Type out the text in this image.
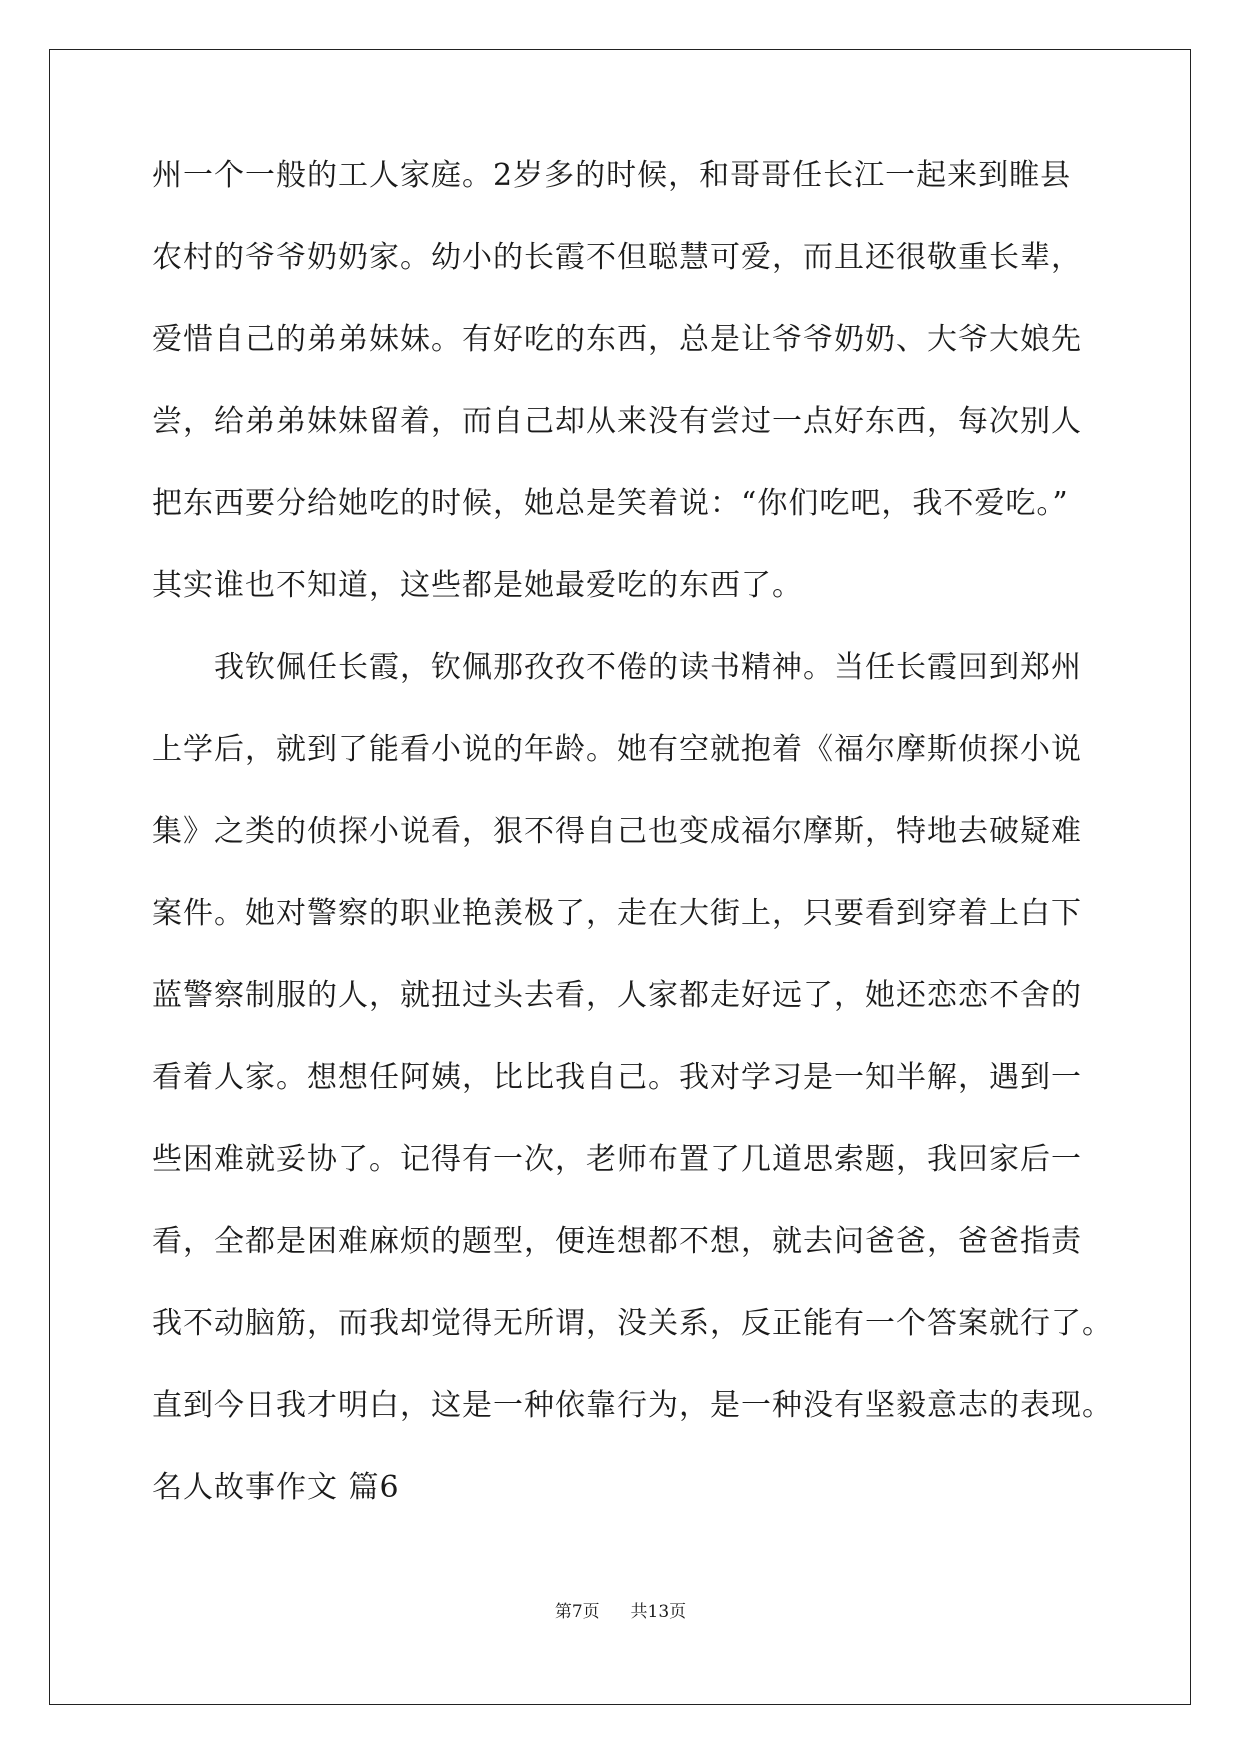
州一个一般的工人家庭。2岁多的时候，和哥哥任长江一起来到睢县
农村的爷爷奶奶家。幼小的长霞不但聪慧可爱，而且还很敬重长辈，
爱惜自己的弟弟妹妹。有好吃的东西，总是让爷爷奶奶、大爷大娘先
尝，给弟弟妹妹留着，而自己却从来没有尝过一点好东西，每次别人
把东西要分给她吃的时候，她总是笑着说：“你们吃吧，我不爱吃。”
其实谁也不知道，这些都是她最爱吃的东西了。
我钦佩任长霞，钦佩那孜孜不倦的读书精神。当任长霞回到郑州
上学后，就到了能看小说的年龄。她有空就抱着《福尔摩斯侦探小说
集》之类的侦探小说看，狠不得自己也变成福尔摩斯，特地去破疑难
案件。她对警察的职业艳羡极了，走在大街上，只要看到穿着上白下
蓝警察制服的人，就扭过头去看，人家都走好远了，她还恋恋不舍的
看着人家。想想任阿姨，比比我自己。我对学习是一知半解，遇到一
些困难就妥协了。记得有一次，老师布置了几道思索题，我回家后一
看，全都是困难麻烦的题型，便连想都不想，就去问爸爸，爸爸指责
我不动脑筋，而我却觉得无所谓，没关系，反正能有一个答案就行了。
直到今日我才明白，这是一种依靠行为，是一种没有坚毅意志的表现。
名人故事作文 篇6
第7页 共13页
